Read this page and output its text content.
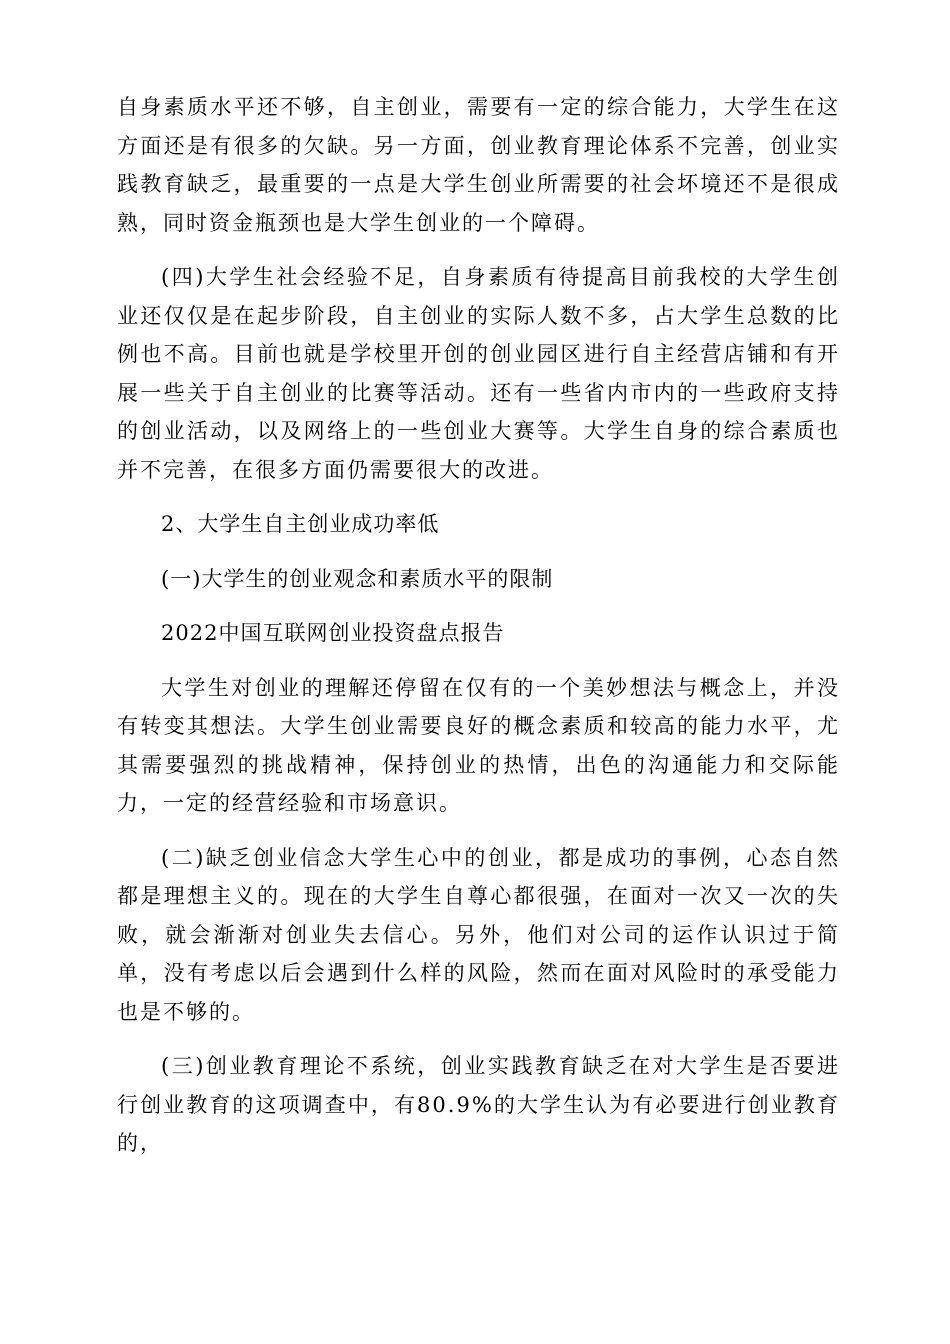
自身素质水平还不够，自主创业，需要有一定的综合能力，大学生在这方面还是有很多的欠缺。另一方面，创业教育理论体系不完善，创业实践教育缺乏，最重要的一点是大学生创业所需要的社会坏境还不是很成熟，同时资金瓶颈也是大学生创业的一个障碍。

(四)大学生社会经验不足，自身素质有待提高目前我校的大学生创业还仅仅是在起步阶段，自主创业的实际人数不多，占大学生总数的比例也不高。目前也就是学校里开创的创业园区进行自主经营店铺和有开展一些关于自主创业的比赛等活动。还有一些省内市内的一些政府支持的创业活动，以及网络上的一些创业大赛等。大学生自身的综合素质也并不完善，在很多方面仍需要很大的改进。

2、大学生自主创业成功率低

(一)大学生的创业观念和素质水平的限制

2022中国互联网创业投资盘点报告

大学生对创业的理解还停留在仅有的一个美妙想法与概念上，并没有转变其想法。大学生创业需要良好的概念素质和较高的能力水平，尤其需要强烈的挑战精神，保持创业的热情，出色的沟通能力和交际能力，一定的经营经验和市场意识。

(二)缺乏创业信念大学生心中的创业，都是成功的事例，心态自然都是理想主义的。现在的大学生自尊心都很强，在面对一次又一次的失败，就会渐渐对创业失去信心。另外，他们对公司的运作认识过于简单，没有考虑以后会遇到什么样的风险，然而在面对风险时的承受能力也是不够的。

(三)创业教育理论不系统，创业实践教育缺乏在对大学生是否要进行创业教育的这项调查中，有80.9%的大学生认为有必要进行创业教育的，
